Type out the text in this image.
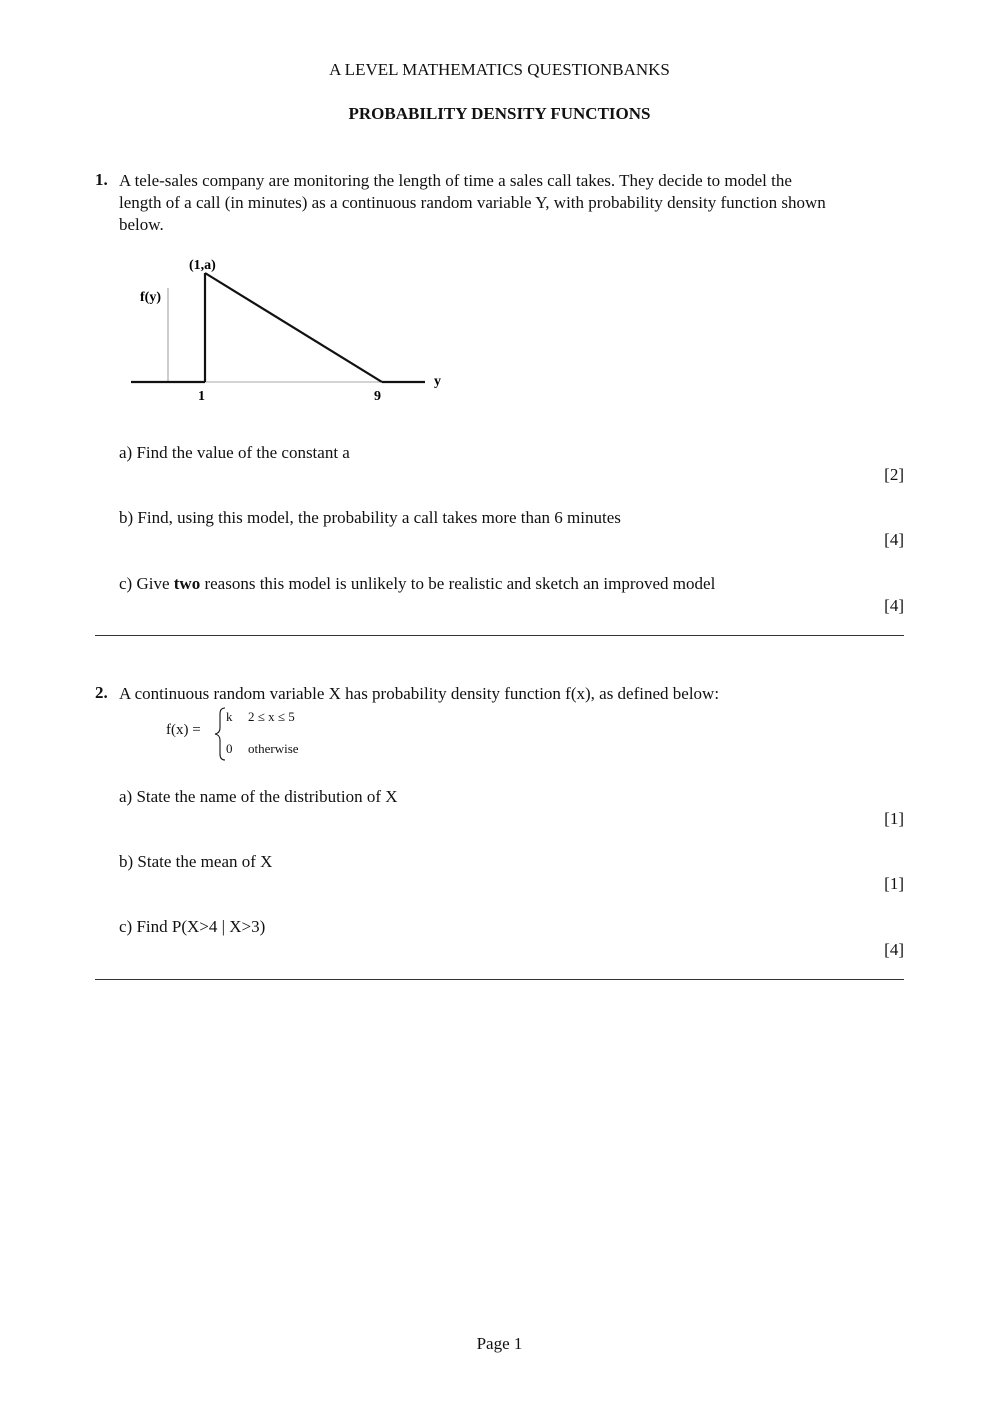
A LEVEL MATHEMATICS QUESTIONBANKS
PROBABILITY DENSITY FUNCTIONS
1. A tele-sales company are monitoring the length of time a sales call takes. They decide to model the
length of a call (in minutes) as a continuous random variable Y, with probability density function shown
below.
f(y)
(1,a)
y
1	9
a) Find the value of the constant a
[2]
b) Find, using this model, the probability a call takes more than 6 minutes
[4]
c) Give two reasons this model is unlikely to be realistic and sketch an improved model
[4]
2. A continuous random variable X has probability density function f(x), as defined below:
f(x) =
k 2 ≤ x ≤ 5
0 otherwise
a) State the name of the distribution of X
[1]
b) State the mean of X
[1]
c) Find P(X>4 | X>3)
[4]
Page 1
